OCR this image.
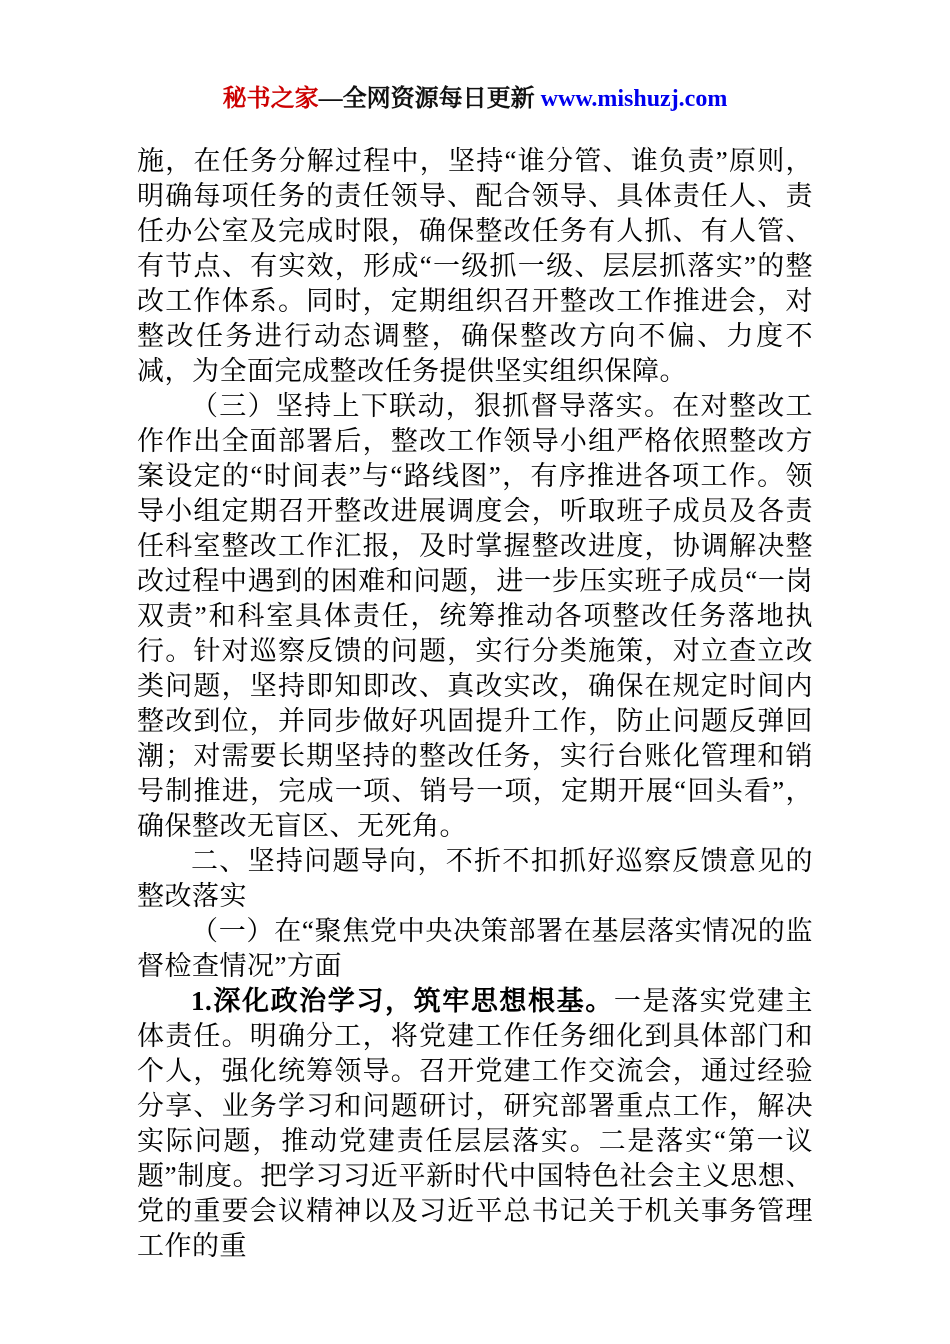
秘书之家—全网资源每日更新 www.mishuzj.com

施，在任务分解过程中，坚持“谁分管、谁负责”原则，明确每项任务的责任领导、配合领导、具体责任人、责任办公室及完成时限，确保整改任务有人抓、有人管、有节点、有实效，形成“一级抓一级、层层抓落实”的整改工作体系。同时，定期组织召开整改工作推进会，对整改任务进行动态调整，确保整改方向不偏、力度不减，为全面完成整改任务提供坚实组织保障。

（三）坚持上下联动，狠抓督导落实。在对整改工作作出全面部署后，整改工作领导小组严格依照整改方案设定的“时间表”与“路线图”，有序推进各项工作。领导小组定期召开整改进展调度会，听取班子成员及各责任科室整改工作汇报，及时掌握整改进度，协调解决整改过程中遇到的困难和问题，进一步压实班子成员“一岗双责”和科室具体责任，统筹推动各项整改任务落地执行。针对巡察反馈的问题，实行分类施策，对立查立改类问题，坚持即知即改、真改实改，确保在规定时间内整改到位，并同步做好巩固提升工作，防止问题反弹回潮；对需要长期坚持的整改任务，实行台账化管理和销号制推进，完成一项、销号一项，定期开展“回头看”，确保整改无盲区、无死角。

二、坚持问题导向，不折不扣抓好巡察反馈意见的整改落实

（一）在“聚焦党中央决策部署在基层落实情况的监督检查情况”方面

1.深化政治学习，筑牢思想根基。一是落实党建主体责任。明确分工，将党建工作任务细化到具体部门和个人，强化统筹领导。召开党建工作交流会，通过经验分享、业务学习和问题研讨，研究部署重点工作，解决实际问题，推动党建责任层层落实。二是落实“第一议题”制度。把学习习近平新时代中国特色社会主义思想、党的重要会议精神以及习近平总书记关于机关事务管理工作的重
